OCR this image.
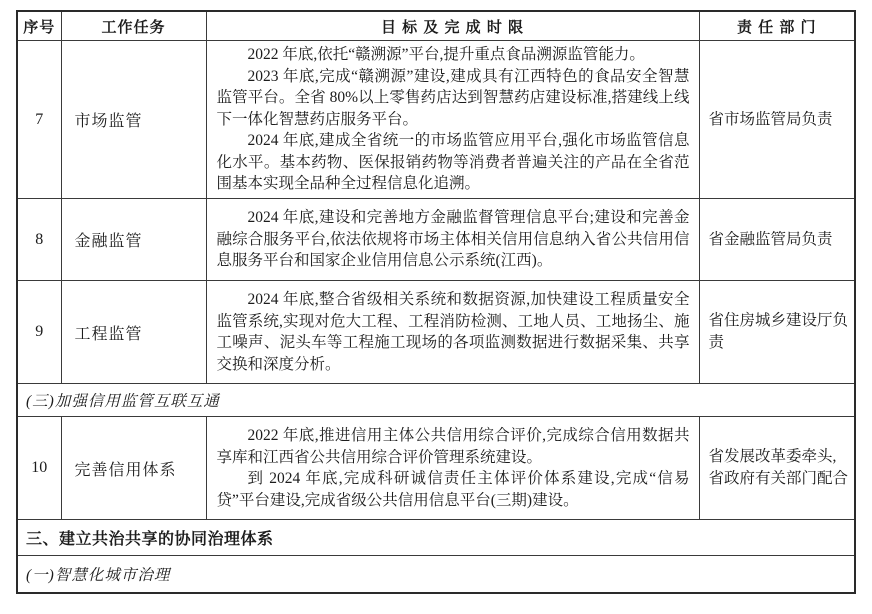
序号	工作任务	目 标 及 完 成 时 限	责 任 部 门
7	市场监管	2022 年底,依托“赣溯源”平台,提升重点食品溯源监管能力。

2023 年底,完成“赣溯源”建设,建成具有江西特色的食品安全智慧监管平台。全省 80%以上零售药店达到智慧药店建设标准,搭建线上线下一体化智慧药店服务平台。

2024 年底,建成全省统一的市场监管应用平台,强化市场监管信息化水平。基本药物、医保报销药物等消费者普遍关注的产品在全省范围基本实现全品种全过程信息化追溯。	省市场监管局负责
8	金融监管	2024 年底,建设和完善地方金融监督管理信息平台;建设和完善金融综合服务平台,依法依规将市场主体相关信用信息纳入省公共信用信息服务平台和国家企业信用信息公示系统(江西)。	省金融监管局负责
9	工程监管	2024 年底,整合省级相关系统和数据资源,加快建设工程质量安全监管系统,实现对危大工程、工程消防检测、工地人员、工地扬尘、施工噪声、泥头车等工程施工现场的各项监测数据进行数据采集、共享交换和深度分析。	省住房城乡建设厅负责
(三)加强信用监管互联互通			
10	完善信用体系	2022 年底,推进信用主体公共信用综合评价,完成综合信用数据共享库和江西省公共信用综合评价管理系统建设。

到 2024 年底,完成科研诚信责任主体评价体系建设,完成“信易贷”平台建设,完成省级公共信用信息平台(三期)建设。	省发展改革委牵头,省政府有关部门配合
三、建立共治共享的协同治理体系			
(一)智慧化城市治理			
